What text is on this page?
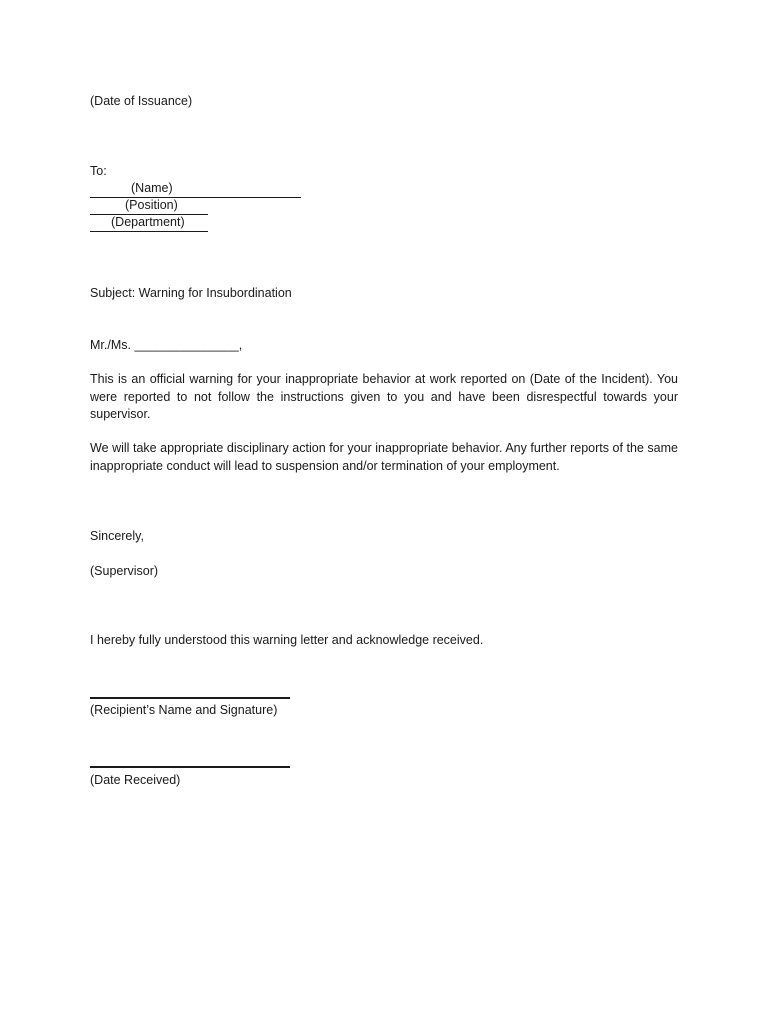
(Date of Issuance)
To:
(Name)
(Position)
(Department)
Subject: Warning for Insubordination
Mr./Ms. _______________,
This is an official warning for your inappropriate behavior at work reported on (Date of the Incident). You were reported to not follow the instructions given to you and have been disrespectful towards your supervisor.
We will take appropriate disciplinary action for your inappropriate behavior. Any further reports of the same inappropriate conduct will lead to suspension and/or termination of your employment.
Sincerely,
(Supervisor)
I hereby fully understood this warning letter and acknowledge received.
(Recipient’s Name and Signature)
(Date Received)
